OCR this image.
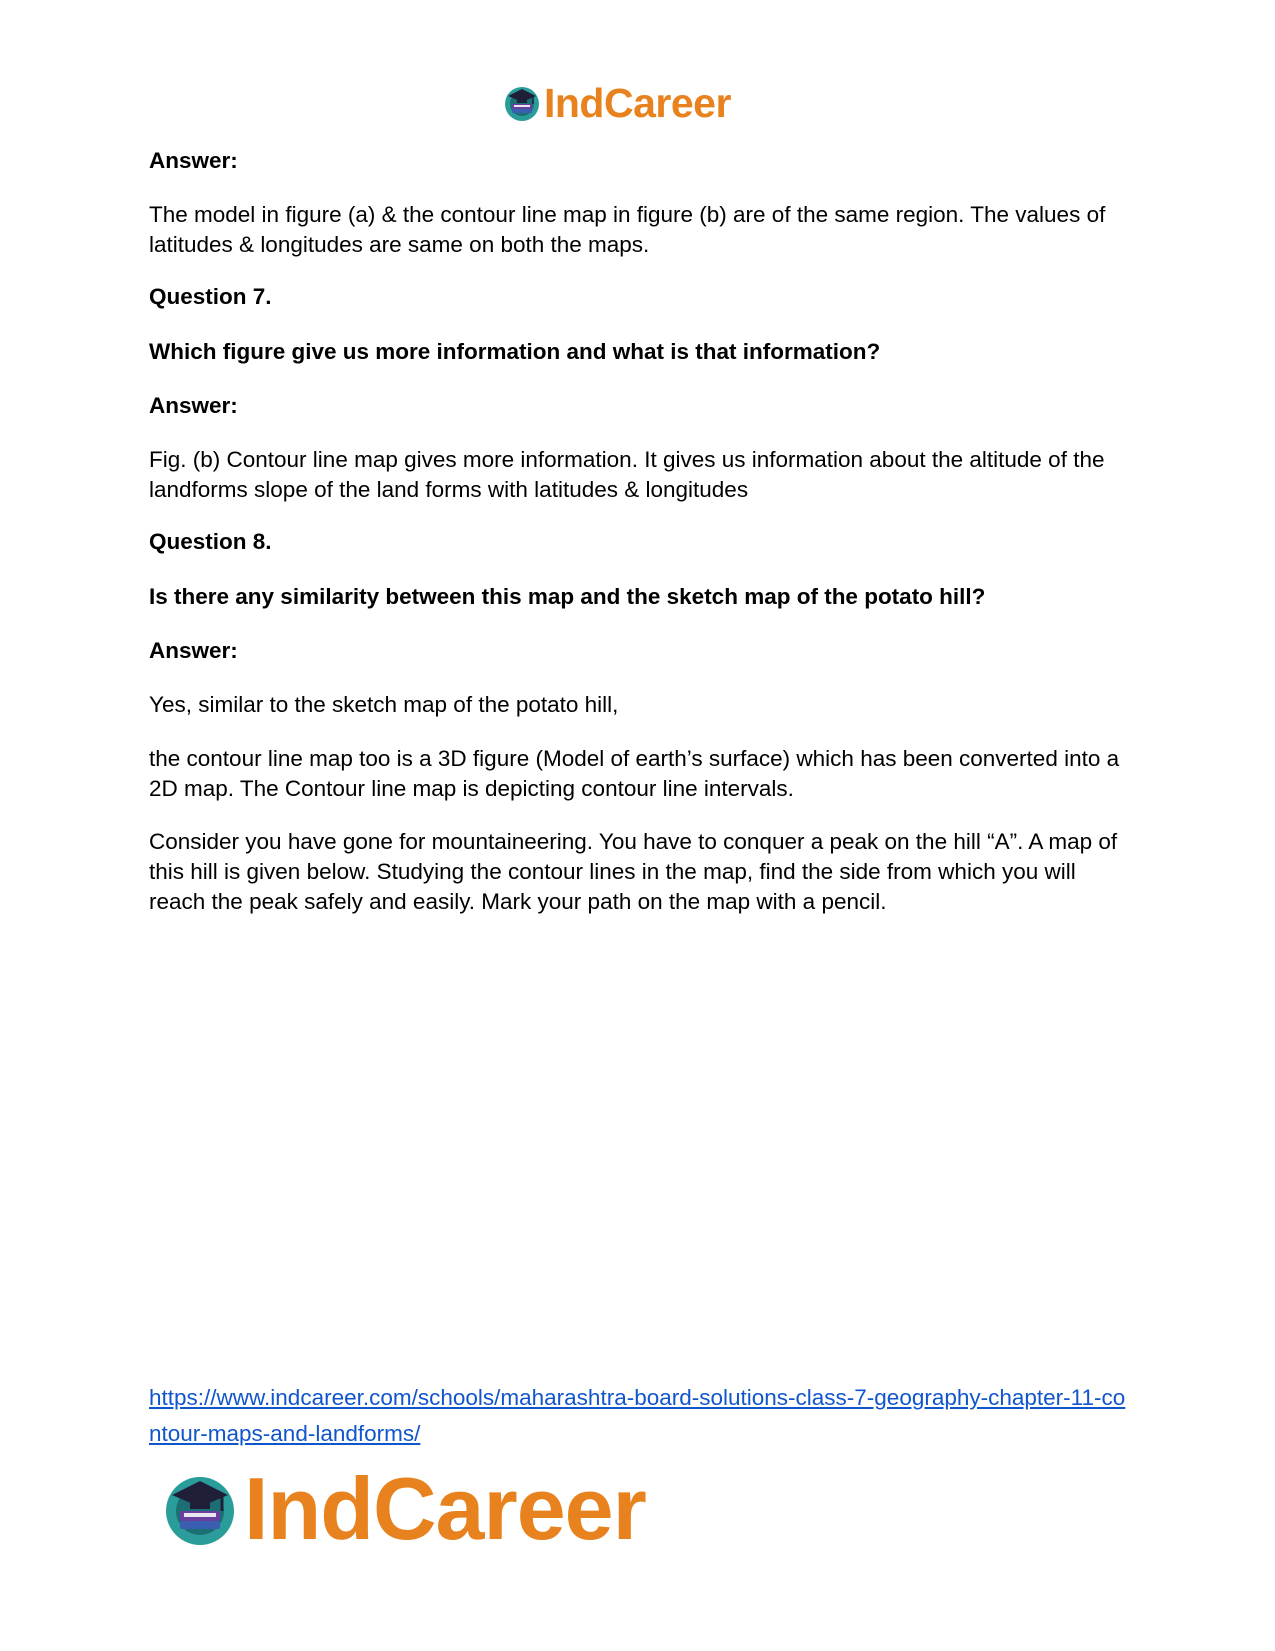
IndCareer

Answer:

The model in figure (a) & the contour line map in figure (b) are of the same region. The values of latitudes & longitudes are same on both the maps.

Question 7.

Which figure give us more information and what is that information?

Answer:

Fig. (b) Contour line map gives more information. It gives us information about the altitude of the landforms slope of the land forms with latitudes & longitudes

Question 8.

Is there any similarity between this map and the sketch map of the potato hill?

Answer:

Yes, similar to the sketch map of the potato hill,

the contour line map too is a 3D figure (Model of earth’s surface) which has been converted into a 2D map. The Contour line map is depicting contour line intervals.

Consider you have gone for mountaineering. You have to conquer a peak on the hill “A”. A map of this hill is given below. Studying the contour lines in the map, find the side from which you will reach the peak safely and easily. Mark your path on the map with a pencil.

https://www.indcareer.com/schools/maharashtra-board-solutions-class-7-geography-chapter-11-contour-maps-and-landforms/
IndCareer
